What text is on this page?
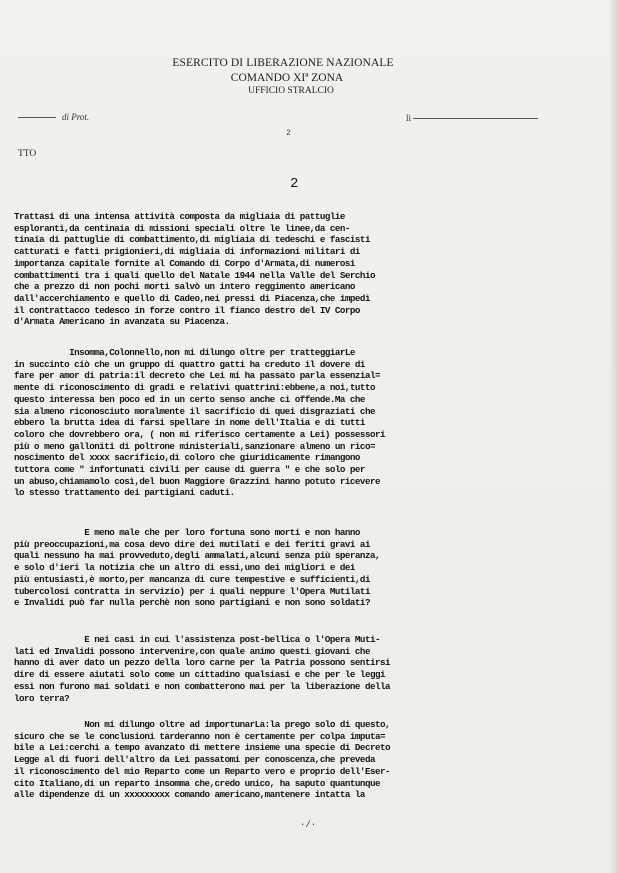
ESERCITO DI LIBERAZIONE NAZIONALE
COMANDO XIª ZONA
UFFICIO STRALCIO
di Prot.	li
2
TTO
2
Trattasi di una intensa attività composta da migliaia di pattuglie
esploranti,da centinaia di missioni speciali oltre le linee,da cen-
tinaia di pattuglie di combattimento,di migliaia di tedeschi e fascisti
catturati e fatti prigionieri,di migliaia di informazioni militari di
importanza capitale fornite al Comando di Corpo d'Armata,di numerosi
combattimenti tra i quali quello del Natale 1944 nella Valle del Serchio
che a prezzo di non pochi morti salvò un intero reggimento americano
dall'accerchiamento e quello di Cadeo,nei pressi di Piacenza,che impedì
il contrattacco tedesco in forze contro il fianco destro del IV Corpo
d'Armata Americano in avanzata su Piacenza.
Insomma,Colonnello,non mi dilungo oltre per tratteggiarLe
in succinto ciò che un gruppo di quattro gatti ha creduto il dovere di
fare per amor di patria:il decreto che Lei mi ha passato parla essenzial=
mente di riconoscimento di gradi e relativi quattrini:ebbene,a noi,tutto
questo interessa ben poco ed in un certo senso anche ci offende.Ma che
sia almeno riconosciuto moralmente il sacrificio di quei disgraziati che
ebbero la brutta idea di farsi spellare in nome dell'Italia e di tutti
coloro che dovrebbero ora, ( non mi riferisco certamente a Lei) possessori
più o meno galloniti di poltrone ministeriali,sanzionare almeno un rico=
noscimento del xxxx sacrificio,di coloro che giuridicamente rimangono
tuttora come " infortunati civili per cause di guerra " e che solo per
un abuso,chiamamolo così,del buon Maggiore Grazzini hanno potuto ricevere
lo stesso trattamento dei partigiani caduti.
E meno male che per loro fortuna sono morti e non hanno
più preoccupazioni,ma cosa devo dire dei mutilati e dei feriti gravi ai
quali nessuno ha mai provveduto,degli ammalati,alcuni senza più speranza,
e solo d'ieri la notizia che un altro di essi,uno dei migliori e dei
più entusiasti,è morto,per mancanza di cure tempestive e sufficienti,di
tubercolosi contratta in servizio) per i quali neppure l'Opera Mutilati
e Invalidi può far nulla perchè non sono partigiani e non sono soldati?
E nei casi in cui l'assistenza post-bellica o l'Opera Muti-
lati ed Invalidi possono intervenire,con quale animo questi giovani che
hanno di aver dato un pezzo della loro carne per la Patria possono sentirsi
dire di essere aiutati solo come un cittadino qualsiasi e che per le leggi
essi non furono mai soldati e non combatterono mai per la liberazione della
loro terra?
Non mi dilungo oltre ad importunarLa:la prego solo di questo,
sicuro che se le conclusioni tarderanno non è certamente per colpa imputa=
bile a Lei:cerchi a tempo avanzato di mettere insieme una specie di Decreto
Legge al di fuori dell'altro da Lei passatomi per conoscenza,che preveda
il riconoscimento del mio Reparto come un Reparto vero e proprio dell'Eser-
cito Italiano,di un reparto insomma che,credo unico, ha saputo quantunque
alle dipendenze di un xxxxxxxxx comando americano,mantenere intatta la
·/·
